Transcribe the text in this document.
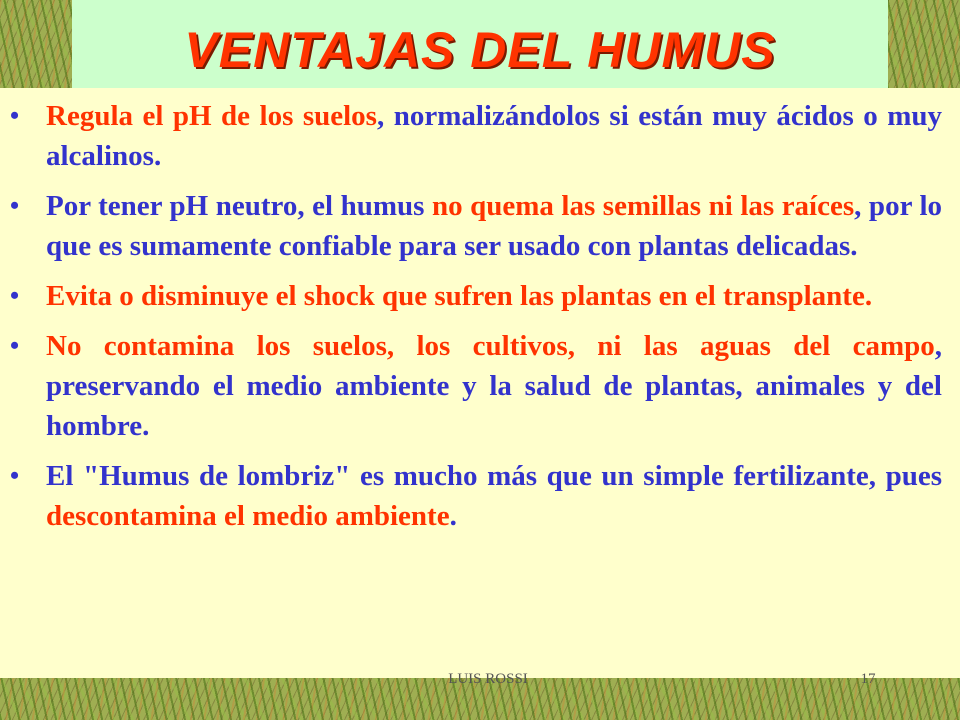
VENTAJAS DEL HUMUS
• Regula el pH de los suelos, normalizándolos si están muy ácidos o muy alcalinos.
• Por tener pH neutro, el humus no quema las semillas ni las raíces, por lo que es sumamente confiable para ser usado con plantas delicadas.
• Evita o disminuye el shock que sufren las plantas en el transplante.
• No contamina los suelos, los cultivos, ni las aguas del campo, preservando el medio ambiente y la salud de plantas, animales y del hombre.
• El "Humus de lombriz" es mucho más que un simple fertilizante, pues descontamina el medio ambiente.
LUIS ROSSI	17
